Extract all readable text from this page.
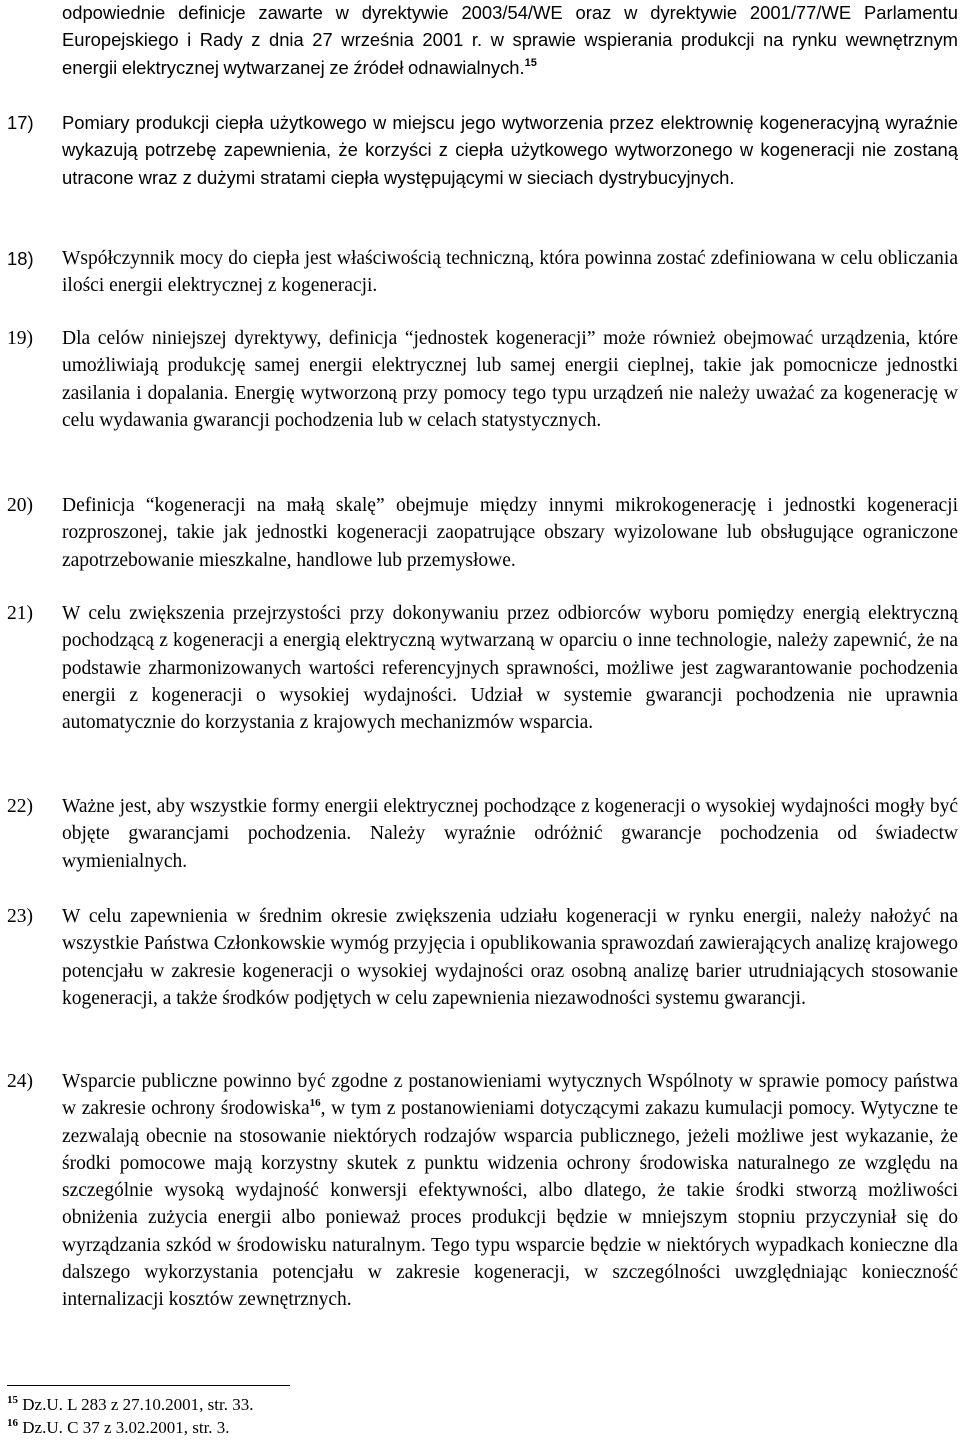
odpowiednie definicje zawarte w dyrektywie 2003/54/WE oraz w dyrektywie 2001/77/WE Parlamentu Europejskiego i Rady z dnia 27 września 2001 r. w sprawie wspierania produkcji na rynku wewnętrznym energii elektrycznej wytwarzanej ze źródeł odnawialnych.$^{15}$

17) Pomiary produkcji ciepła użytkowego w miejscu jego wytworzenia przez elektrownię kogeneracyjną wyraźnie wykazują potrzebę zapewnienia, że korzyści z ciepła użytkowego wytworzonego w kogeneracji nie zostaną utracone wraz z dużymi stratami ciepła występującymi w sieciach dystrybucyjnych.

18) Współczynnik mocy do ciepła jest właściwością techniczną, która powinna zostać zdefiniowana w celu obliczania ilości energii elektrycznej z kogeneracji.

19) Dla celów niniejszej dyrektywy, definicja “jednostek kogeneracji” może również obejmować urządzenia, które umożliwiają produkcję samej energii elektrycznej lub samej energii cieplnej, takie jak pomocnicze jednostki zasilania i dopalania. Energię wytworzoną przy pomocy tego typu urządzeń nie należy uważać za kogenerację w celu wydawania gwarancji pochodzenia lub w celach statystycznych.

20) Definicja “kogeneracji na małą skalę” obejmuje między innymi mikrokogenerację i jednostki kogeneracji rozproszonej, takie jak jednostki kogeneracji zaopatrujące obszary wyizolowane lub obsługujące ograniczone zapotrzebowanie mieszkalne, handlowe lub przemysłowe.

21) W celu zwiększenia przejrzystości przy dokonywaniu przez odbiorców wyboru pomiędzy energią elektryczną pochodzącą z kogeneracji a energią elektryczną wytwarzaną w oparciu o inne technologie, należy zapewnić, że na podstawie zharmonizowanych wartości referencyjnych sprawności, możliwe jest zagwarantowanie pochodzenia energii z kogeneracji o wysokiej wydajności. Udział w systemie gwarancji pochodzenia nie uprawnia automatycznie do korzystania z krajowych mechanizmów wsparcia.

22) Ważne jest, aby wszystkie formy energii elektrycznej pochodzące z kogeneracji o wysokiej wydajności mogły być objęte gwarancjami pochodzenia. Należy wyraźnie odróżnić gwarancje pochodzenia od świadectw wymienialnych.

23) W celu zapewnienia w średnim okresie zwiększenia udziału kogeneracji w rynku energii, należy nałożyć na wszystkie Państwa Członkowskie wymóg przyjęcia i opublikowania sprawozdań zawierających analizę krajowego potencjału w zakresie kogeneracji o wysokiej wydajności oraz osobną analizę barier utrudniających stosowanie kogeneracji, a także środków podjętych w celu zapewnienia niezawodności systemu gwarancji.

24) Wsparcie publiczne powinno być zgodne z postanowieniami wytycznych Wspólnoty w sprawie pomocy państwa w zakresie ochrony środowiska$^{16}$, w tym z postanowieniami dotyczącymi zakazu kumulacji pomocy. Wytyczne te zezwalają obecnie na stosowanie niektórych rodzajów wsparcia publicznego, jeżeli możliwe jest wykazanie, że środki pomocowe mają korzystny skutek z punktu widzenia ochrony środowiska naturalnego ze względu na szczególnie wysoką wydajność konwersji efektywności, albo dlatego, że takie środki stworzą możliwości obniżenia zużycia energii albo ponieważ proces produkcji będzie w mniejszym stopniu przyczyniał się do wyrządzania szkód w środowisku naturalnym. Tego typu wsparcie będzie w niektórych wypadkach konieczne dla dalszego wykorzystania potencjału w zakresie kogeneracji, w szczególności uwzględniając konieczność internalizacji kosztów zewnętrznych.

$^{15}$ Dz.U. L 283 z 27.10.2001, str. 33.

$^{16}$ Dz.U. C 37 z 3.02.2001, str. 3.
